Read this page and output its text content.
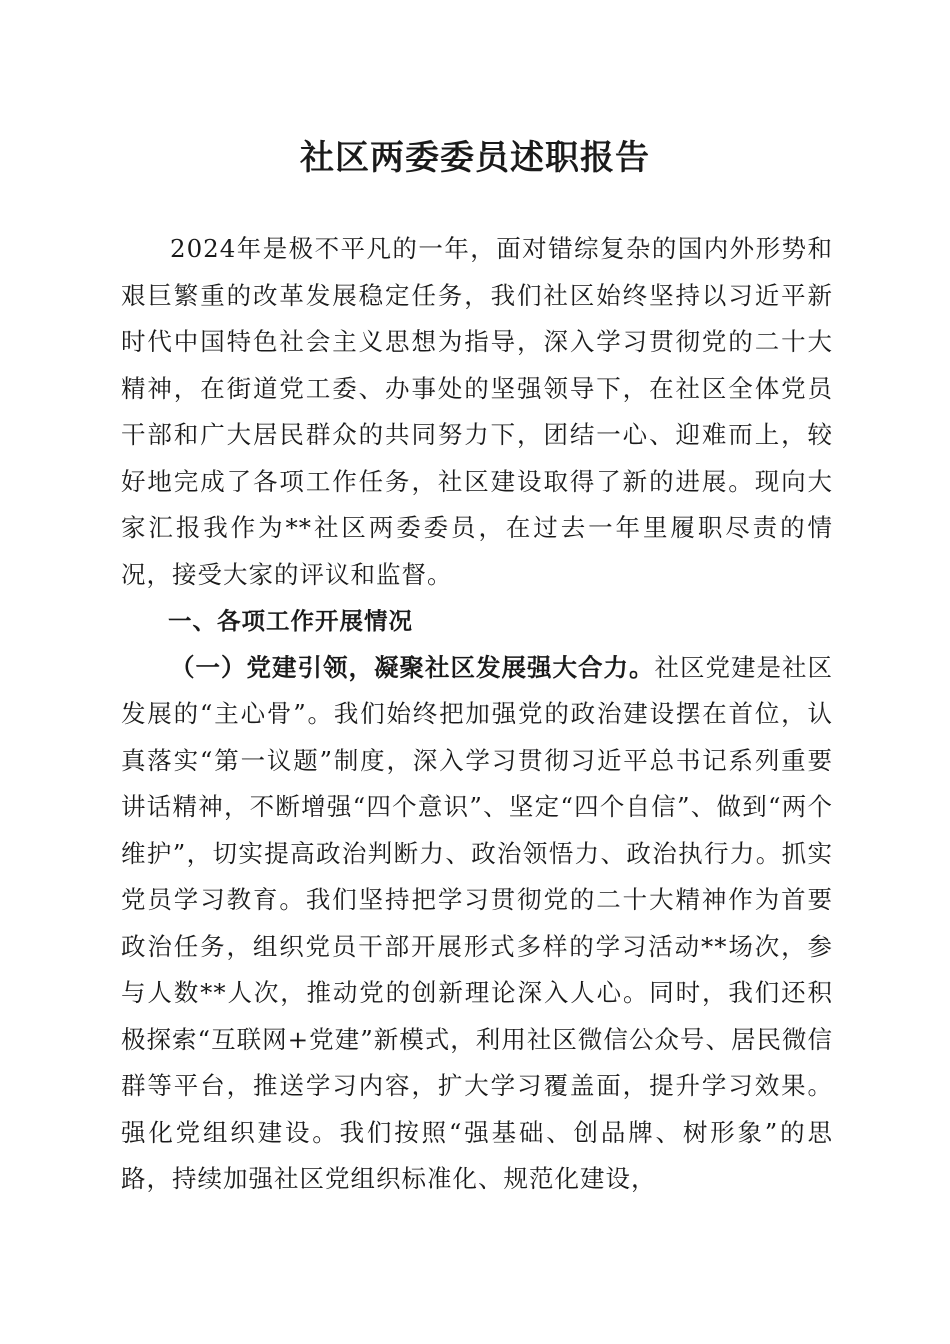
社区两委委员述职报告

2024年是极不平凡的一年，面对错综复杂的国内外形势和艰巨繁重的改革发展稳定任务，我们社区始终坚持以习近平新时代中国特色社会主义思想为指导，深入学习贯彻党的二十大精神，在街道党工委、办事处的坚强领导下，在社区全体党员干部和广大居民群众的共同努力下，团结一心、迎难而上，较好地完成了各项工作任务，社区建设取得了新的进展。现向大家汇报我作为**社区两委委员，在过去一年里履职尽责的情况，接受大家的评议和监督。

一、各项工作开展情况

（一）党建引领，凝聚社区发展强大合力。社区党建是社区发展的“主心骨”。我们始终把加强党的政治建设摆在首位，认真落实“第一议题”制度，深入学习贯彻习近平总书记系列重要讲话精神，不断增强“四个意识”、坚定“四个自信”、做到“两个维护”，切实提高政治判断力、政治领悟力、政治执行力。抓实党员学习教育。我们坚持把学习贯彻党的二十大精神作为首要政治任务，组织党员干部开展形式多样的学习活动**场次，参与人数**人次，推动党的创新理论深入人心。同时，我们还积极探索“互联网+党建”新模式，利用社区微信公众号、居民微信群等平台，推送学习内容，扩大学习覆盖面，提升学习效果。强化党组织建设。我们按照“强基础、创品牌、树形象”的思路，持续加强社区党组织标准化、规范化建设，
